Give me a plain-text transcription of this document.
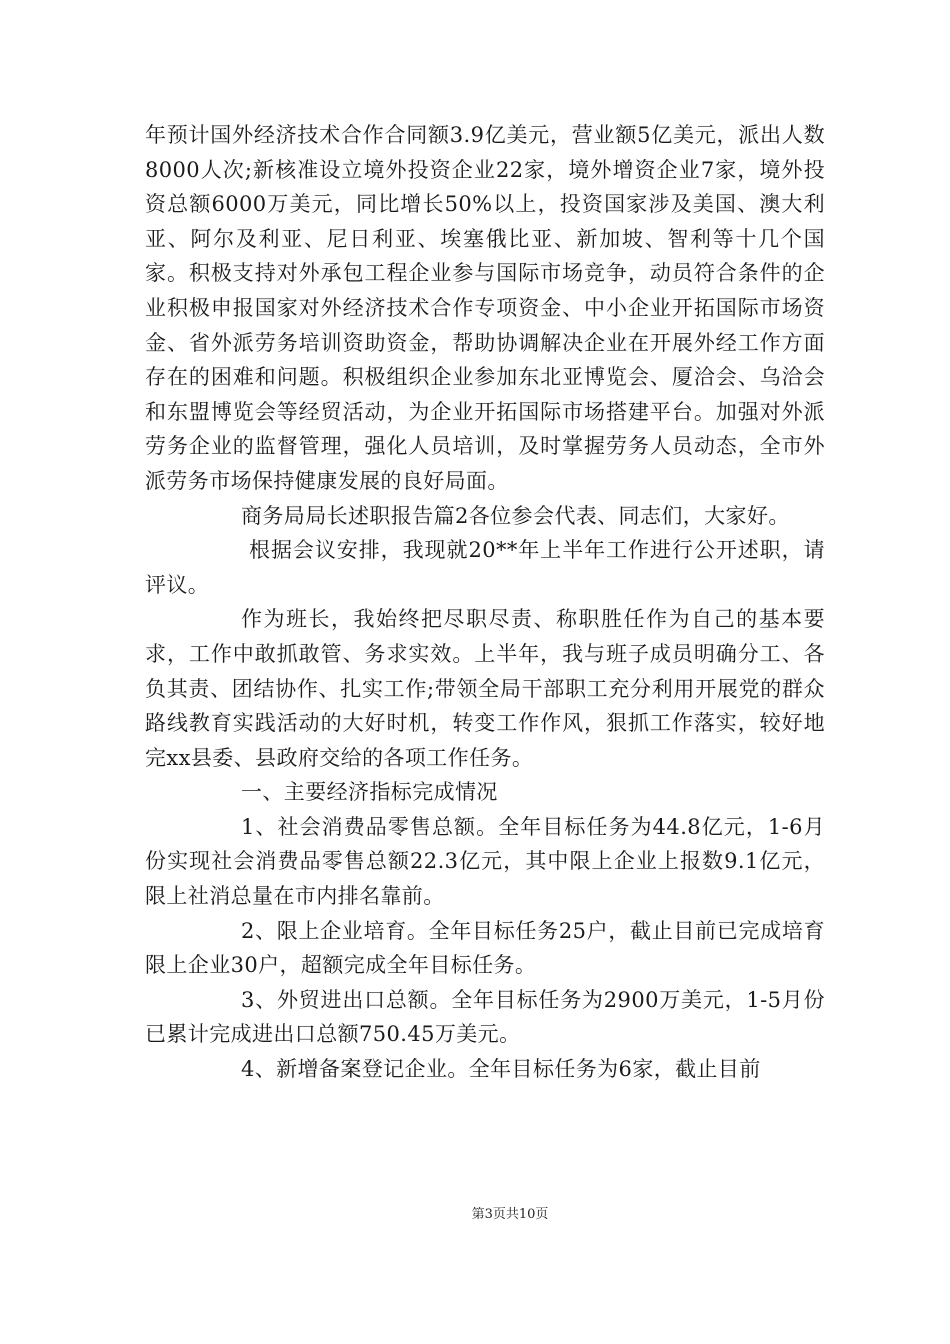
年预计国外经济技术合作合同额3.9亿美元，营业额5亿美元，派出人数8000人次;新核准设立境外投资企业22家，境外增资企业7家，境外投资总额6000万美元，同比增长50%以上，投资国家涉及美国、澳大利亚、阿尔及利亚、尼日利亚、埃塞俄比亚、新加坡、智利等十几个国家。积极支持对外承包工程企业参与国际市场竞争，动员符合条件的企业积极申报国家对外经济技术合作专项资金、中小企业开拓国际市场资金、省外派劳务培训资助资金，帮助协调解决企业在开展外经工作方面存在的困难和问题。积极组织企业参加东北亚博览会、厦洽会、乌洽会和东盟博览会等经贸活动，为企业开拓国际市场搭建平台。加强对外派劳务企业的监督管理，强化人员培训，及时掌握劳务人员动态，全市外派劳务市场保持健康发展的良好局面。

商务局局长述职报告篇2各位参会代表、同志们，大家好。

根据会议安排，我现就20**年上半年工作进行公开述职，请评议。

作为班长，我始终把尽职尽责、称职胜任作为自己的基本要求，工作中敢抓敢管、务求实效。上半年，我与班子成员明确分工、各负其责、团结协作、扎实工作;带领全局干部职工充分利用开展党的群众路线教育实践活动的大好时机，转变工作作风，狠抓工作落实，较好地完xx县委、县政府交给的各项工作任务。

一、主要经济指标完成情况

1、社会消费品零售总额。全年目标任务为44.8亿元，1-6月份实现社会消费品零售总额22.3亿元，其中限上企业上报数9.1亿元，限上社消总量在市内排名靠前。

2、限上企业培育。全年目标任务25户，截止目前已完成培育限上企业30户，超额完成全年目标任务。

3、外贸进出口总额。全年目标任务为2900万美元，1-5月份已累计完成进出口总额750.45万美元。

4、新增备案登记企业。全年目标任务为6家，截止目前

第3页共10页
